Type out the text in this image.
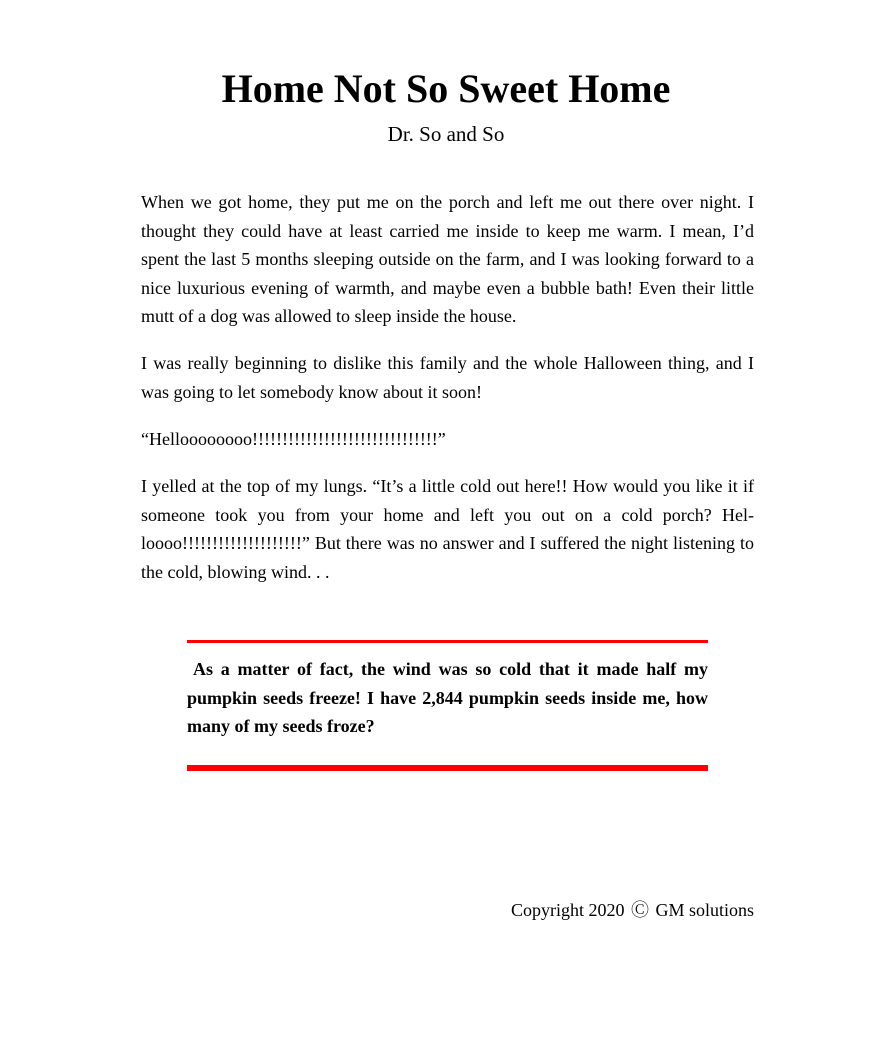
Home Not So Sweet Home
Dr. So and So

When we got home, they put me on the porch and left me out there over night. I thought they could have at least carried me inside to keep me warm. I mean, I’d spent the last 5 months sleeping outside on the farm, and I was looking forward to a nice luxurious evening of warmth, and maybe even a bubble bath! Even their little mutt of a dog was allowed to sleep inside the house.

I was really beginning to dislike this family and the whole Halloween thing, and I was going to let somebody know about it soon!

“Helloooooooo!!!!!!!!!!!!!!!!!!!!!!!!!!!!!!!”

I yelled at the top of my lungs. “It’s a little cold out here!! How would you like it if someone took you from your home and left you out on a cold porch? Hel-loooo!!!!!!!!!!!!!!!!!!!!” But there was no answer and I suffered the night listening to the cold, blowing wind. . .

As a matter of fact, the wind was so cold that it made half my pumpkin seeds freeze! I have 2,844 pumpkin seeds inside me, how many of my seeds froze?
Copyright 2020 Ⓒ GM solutions
